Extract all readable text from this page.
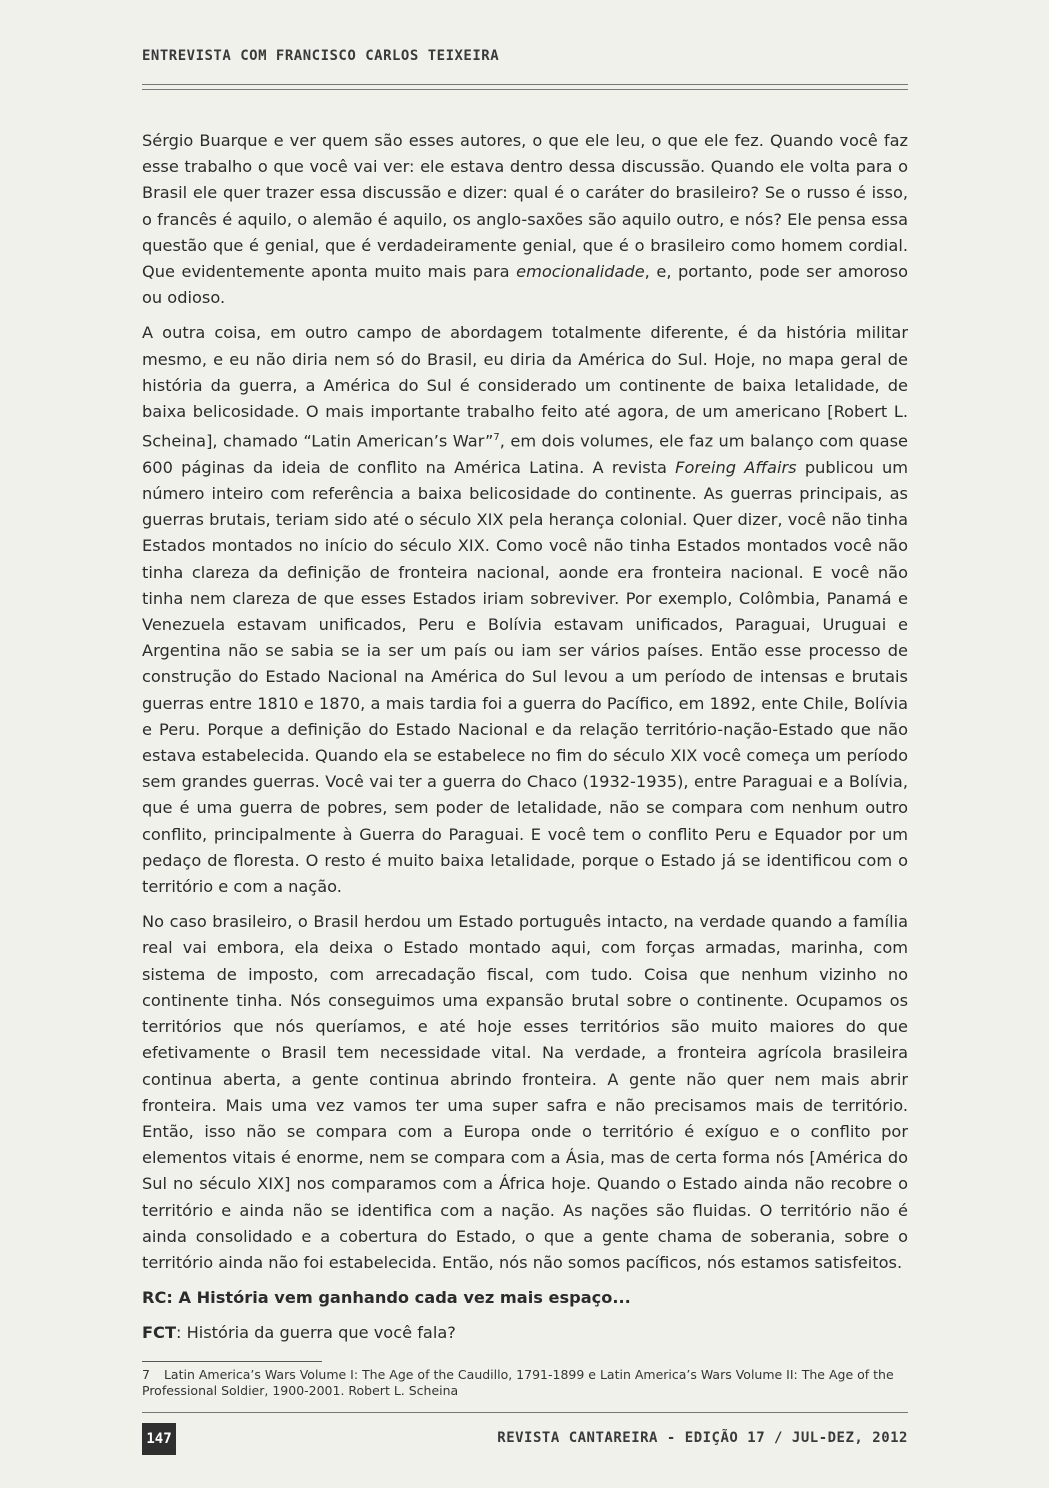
ENTREVISTA COM FRANCISCO CARLOS TEIXEIRA

Sérgio Buarque e ver quem são esses autores, o que ele leu, o que ele fez. Quando você faz esse trabalho o que você vai ver: ele estava dentro dessa discussão. Quando ele volta para o Brasil ele quer trazer essa discussão e dizer: qual é o caráter do brasileiro? Se o russo é isso, o francês é aquilo, o alemão é aquilo, os anglo-saxões são aquilo outro, e nós? Ele pensa essa questão que é genial, que é verdadeiramente genial, que é o brasileiro como homem cordial. Que evidentemente aponta muito mais para emocionalidade, e, portanto, pode ser amoroso ou odioso.

A outra coisa, em outro campo de abordagem totalmente diferente, é da história militar mesmo, e eu não diria nem só do Brasil, eu diria da América do Sul. Hoje, no mapa geral de história da guerra, a América do Sul é considerado um continente de baixa letalidade, de baixa belicosidade. O mais importante trabalho feito até agora, de um americano [Robert L. Scheina], chamado “Latin American’s War”$^7$, em dois volumes, ele faz um balanço com quase 600 páginas da ideia de conflito na América Latina. A revista Foreing Affairs publicou um número inteiro com referência a baixa belicosidade do continente. As guerras principais, as guerras brutais, teriam sido até o século XIX pela herança colonial. Quer dizer, você não tinha Estados montados no início do século XIX. Como você não tinha Estados montados você não tinha clareza da definição de fronteira nacional, aonde era fronteira nacional. E você não tinha nem clareza de que esses Estados iriam sobreviver. Por exemplo, Colômbia, Panamá e Venezuela estavam unificados, Peru e Bolívia estavam unificados, Paraguai, Uruguai e Argentina não se sabia se ia ser um país ou iam ser vários países. Então esse processo de construção do Estado Nacional na América do Sul levou a um período de intensas e brutais guerras entre 1810 e 1870, a mais tardia foi a guerra do Pacífico, em 1892, ente Chile, Bolívia e Peru. Porque a definição do Estado Nacional e da relação território-nação-Estado que não estava estabelecida. Quando ela se estabelece no fim do século XIX você começa um período sem grandes guerras. Você vai ter a guerra do Chaco (1932-1935), entre Paraguai e a Bolívia, que é uma guerra de pobres, sem poder de letalidade, não se compara com nenhum outro conflito, principalmente à Guerra do Paraguai. E você tem o conflito Peru e Equador por um pedaço de floresta. O resto é muito baixa letalidade, porque o Estado já se identificou com o território e com a nação.

No caso brasileiro, o Brasil herdou um Estado português intacto, na verdade quando a família real vai embora, ela deixa o Estado montado aqui, com forças armadas, marinha, com sistema de imposto, com arrecadação fiscal, com tudo. Coisa que nenhum vizinho no continente tinha. Nós conseguimos uma expansão brutal sobre o continente. Ocupamos os territórios que nós queríamos, e até hoje esses territórios são muito maiores do que efetivamente o Brasil tem necessidade vital. Na verdade, a fronteira agrícola brasileira continua aberta, a gente continua abrindo fronteira. A gente não quer nem mais abrir fronteira. Mais uma vez vamos ter uma super safra e não precisamos mais de território. Então, isso não se compara com a Europa onde o território é exíguo e o conflito por elementos vitais é enorme, nem se compara com a Ásia, mas de certa forma nós [América do Sul no século XIX] nos comparamos com a África hoje. Quando o Estado ainda não recobre o território e ainda não se identifica com a nação. As nações são fluidas. O território não é ainda consolidado e a cobertura do Estado, o que a gente chama de soberania, sobre o território ainda não foi estabelecida. Então, nós não somos pacíficos, nós estamos satisfeitos.

RC: A História vem ganhando cada vez mais espaço...

FCT: História da guerra que você fala?

7 Latin America’s Wars Volume I: The Age of the Caudillo, 1791-1899 e Latin America’s Wars Volume II: The Age of the Professional Soldier, 1900-2001. Robert L. Scheina
147	REVISTA CANTAREIRA - EDIÇÃO 17 / JUL-DEZ, 2012
